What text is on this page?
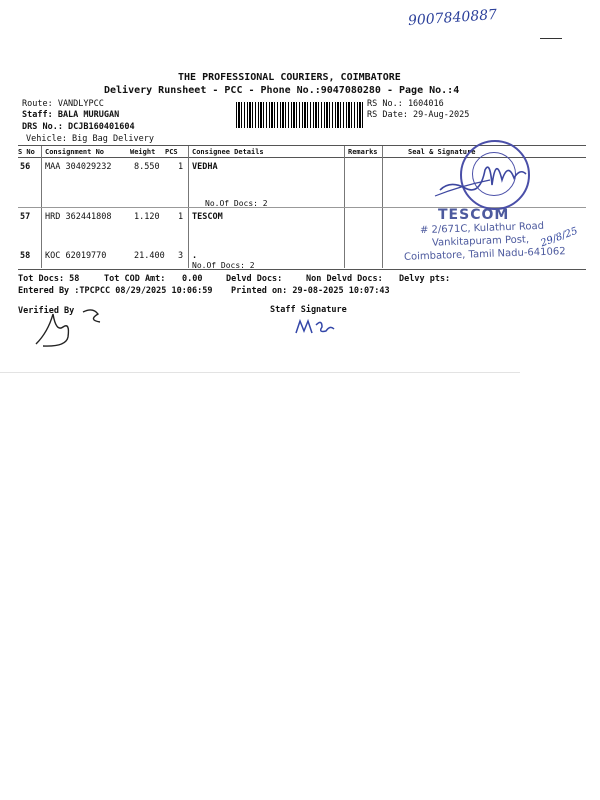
9007840887
THE PROFESSIONAL COURIERS, COIMBATORE
Delivery Runsheet - PCC - Phone No.:9047080280 - Page No.:4
Route: VANDLYPCC
Staff: BALA MURUGAN
DRS No.: DCJB160401604
Vehicle: Big Bag Delivery
RS No.: 1604016
RS Date: 29-Aug-2025
S No Consignment No	Weight PCS Consignee Details	Remarks	Seal & Signature
56 MAA 304029232	8.550 1 VEDHA
No.Of Docs: 2
57 HRD 362441808	1.120 1 TESCOM
58 KOC 62019770	21.400 3 .
No.Of Docs: 2
TESCOM
# 2/671C, Kulathur Road
Vankitapuram Post,
Coimbatore, Tamil Nadu-641062
29/8/25
Tot Docs: 58	Tot COD Amt: 0.00	Delvd Docs:	Non Delvd Docs: Delvy pts:
Entered By :TPCPCC 08/29/2025 10:06:59 Printed on: 29-08-2025 10:07:43
Verified By	Staff Signature
